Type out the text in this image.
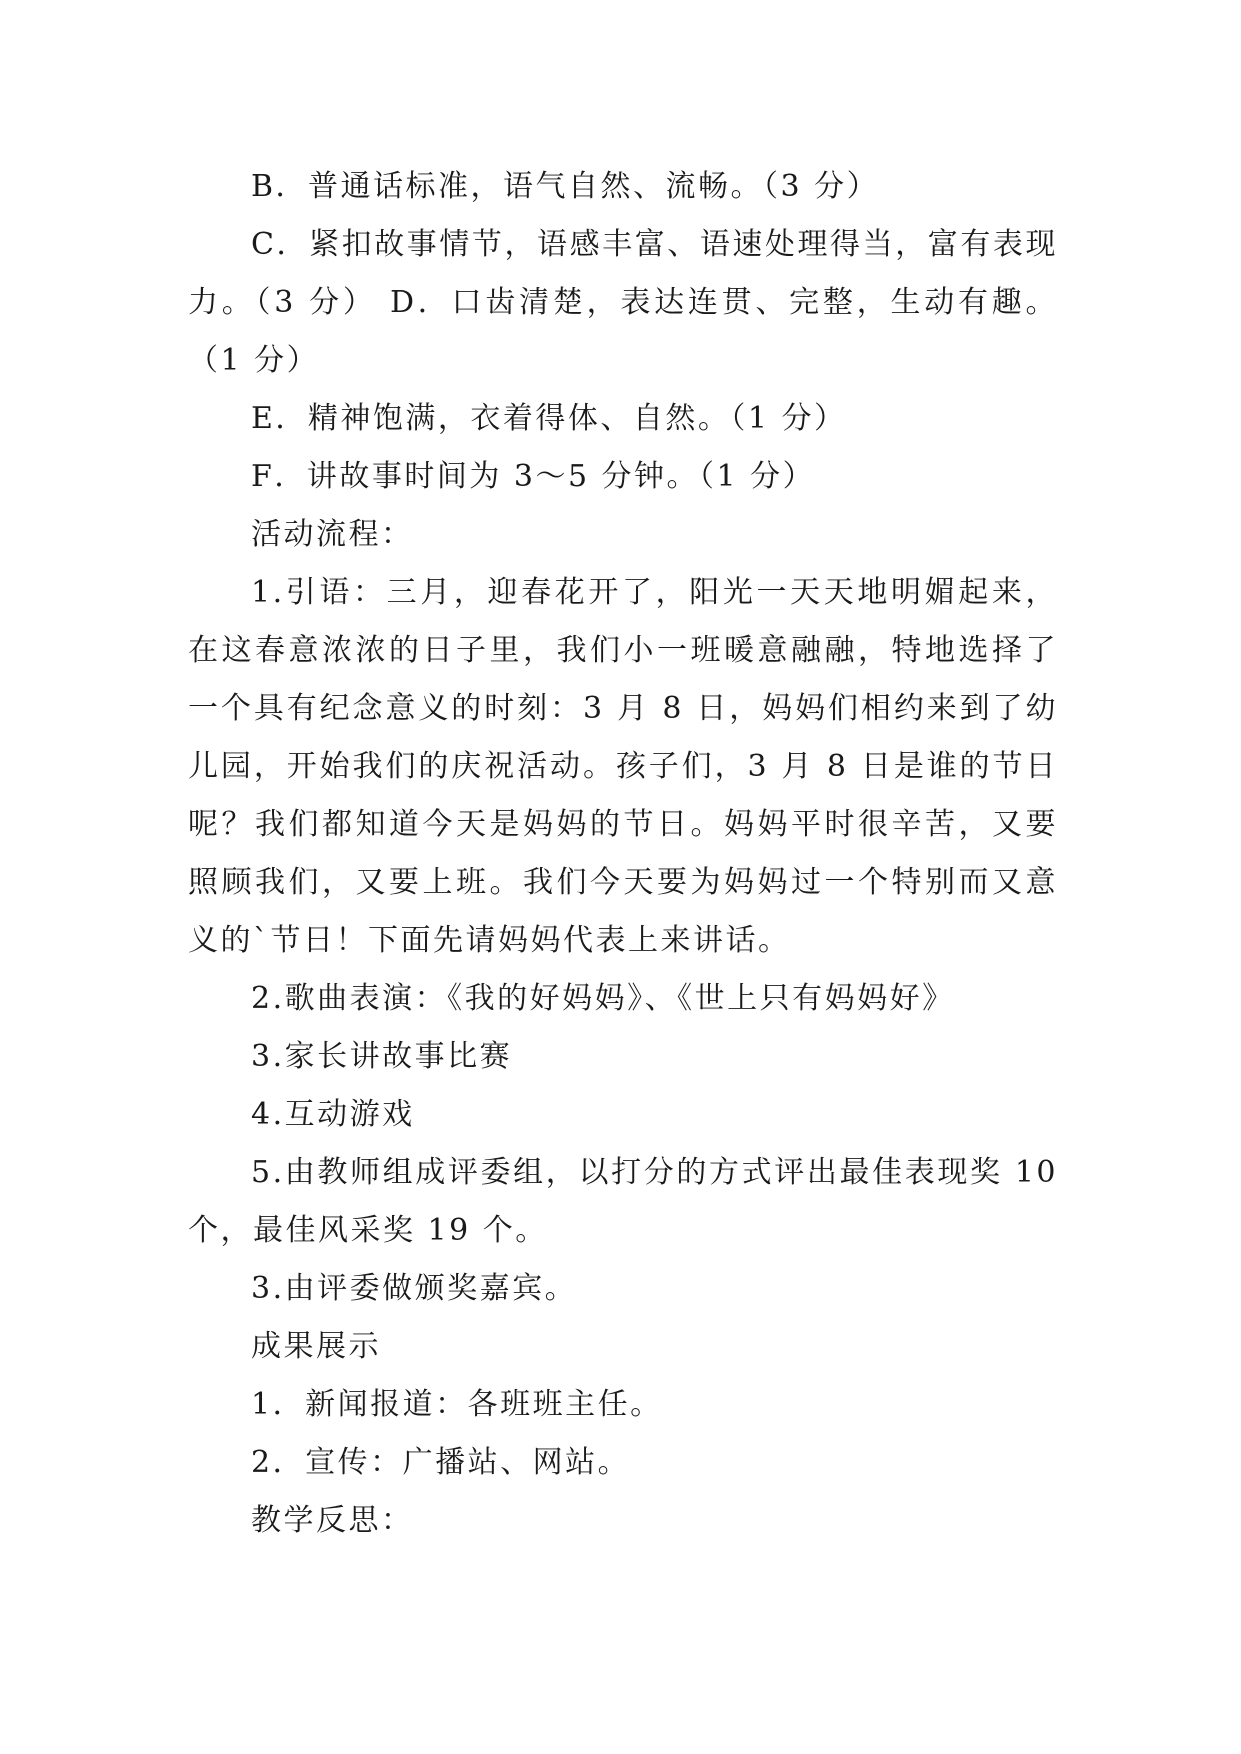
B．普通话标准，语气自然、流畅。（3 分）

C．紧扣故事情节，语感丰富、语速处理得当，富有表现力。（3 分） D．口齿清楚，表达连贯、完整，生动有趣。（1 分）

E．精神饱满，衣着得体、自然。（1 分）

F．讲故事时间为 3～5 分钟。（1 分）

活动流程：

1.引语：三月，迎春花开了，阳光一天天地明媚起来，在这春意浓浓的日子里，我们小一班暖意融融，特地选择了一个具有纪念意义的时刻：3 月 8 日，妈妈们相约来到了幼儿园，开始我们的庆祝活动。孩子们，3 月 8 日是谁的节日呢？我们都知道今天是妈妈的节日。妈妈平时很辛苦，又要照顾我们，又要上班。我们今天要为妈妈过一个特别而又意义的`节日！下面先请妈妈代表上来讲话。

2.歌曲表演：《我的好妈妈》、《世上只有妈妈好》

3.家长讲故事比赛

4.互动游戏

5.由教师组成评委组，以打分的方式评出最佳表现奖 10 个，最佳风采奖 19 个。

3.由评委做颁奖嘉宾。

成果展示

1．新闻报道：各班班主任。

2．宣传：广播站、网站。

教学反思：
